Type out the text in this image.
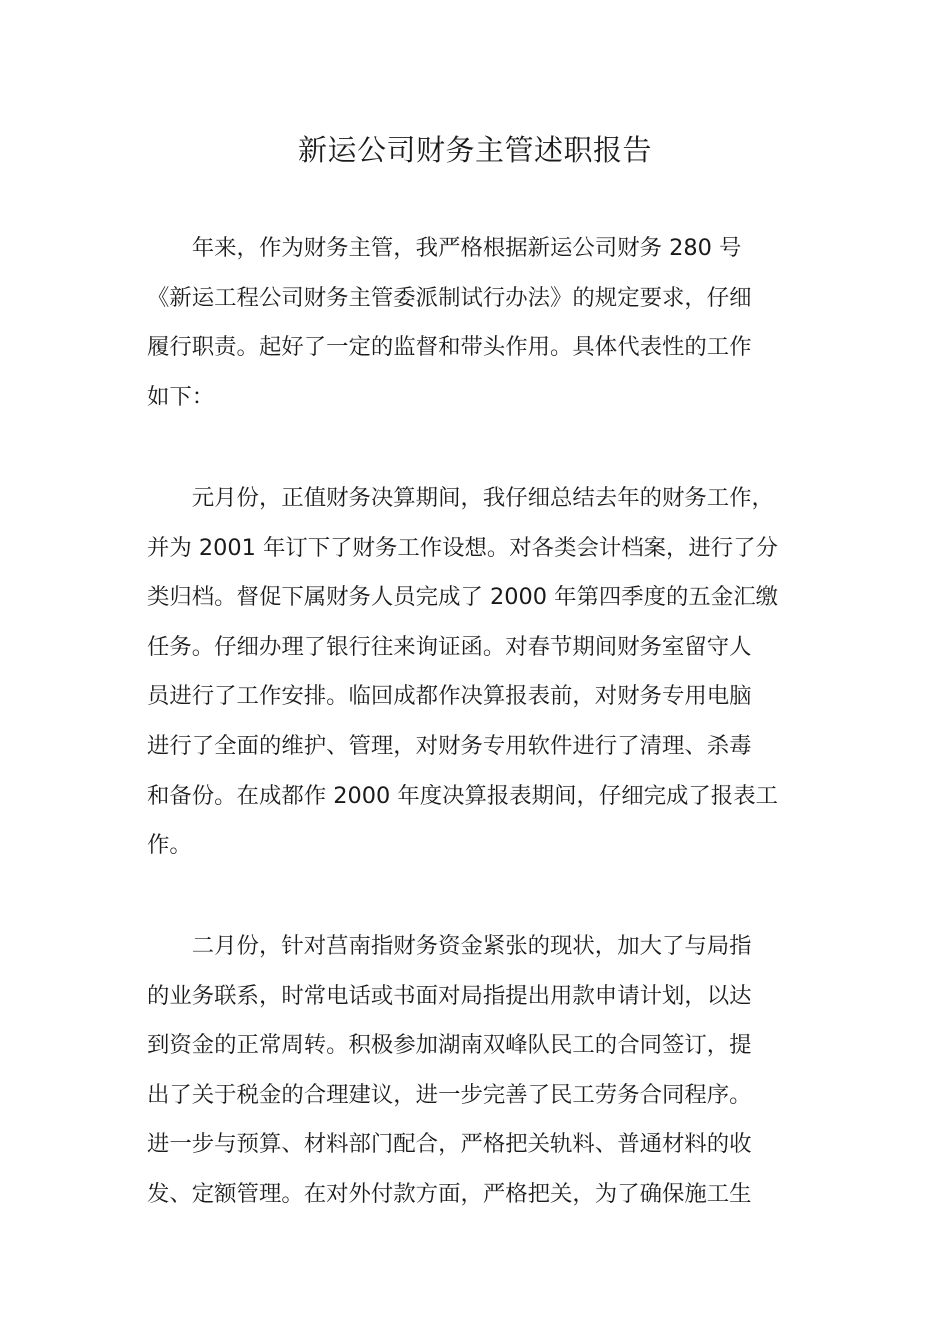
新运公司财务主管述职报告
　　年来，作为财务主管，我严格根据新运公司财务 280 号
《新运工程公司财务主管委派制试行办法》的规定要求，仔细
履行职责。起好了一定的监督和带头作用。具体代表性的工作
如下：
　　元月份，正值财务决算期间，我仔细总结去年的财务工作，
并为 2001 年订下了财务工作设想。对各类会计档案，进行了分
类归档。督促下属财务人员完成了 2000 年第四季度的五金汇缴
任务。仔细办理了银行往来询证函。对春节期间财务室留守人
员进行了工作安排。临回成都作决算报表前，对财务专用电脑
进行了全面的维护、管理，对财务专用软件进行了清理、杀毒
和备份。在成都作 2000 年度决算报表期间，仔细完成了报表工
作。
　　二月份，针对莒南指财务资金紧张的现状，加大了与局指
的业务联系，时常电话或书面对局指提出用款申请计划，以达
到资金的正常周转。积极参加湖南双峰队民工的合同签订，提
出了关于税金的合理建议，进一步完善了民工劳务合同程序。
进一步与预算、材料部门配合，严格把关轨料、普通材料的收
发、定额管理。在对外付款方面，严格把关，为了确保施工生
